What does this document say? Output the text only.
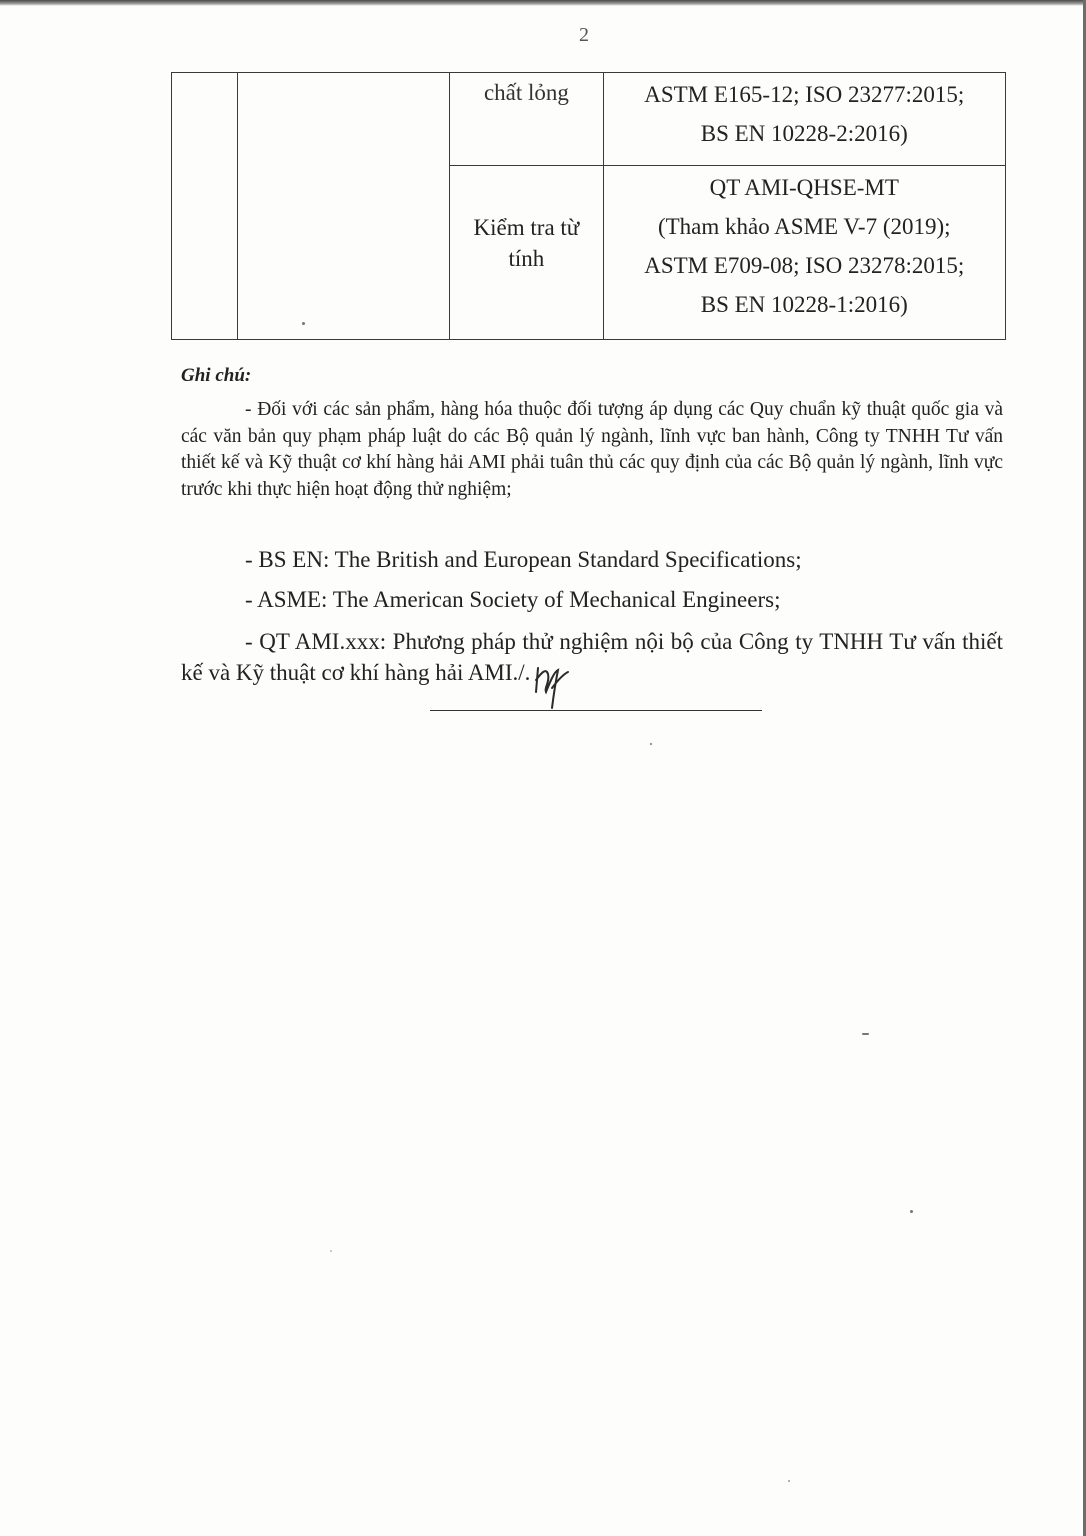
2
		chất lỏng	ASTM E165-12; ISO 23277:2015;
BS EN 10228-2:2016)

		Kiểm tra từ
tính	QT AMI-QHSE-MT
(Tham khảo ASME V-7 (2019);
ASTM E709-08; ISO 23278:2015;
BS EN 10228-1:2016)
Ghi chú:
- Đối với các sản phẩm, hàng hóa thuộc đối tượng áp dụng các Quy chuẩn kỹ thuật quốc gia và các văn bản quy phạm pháp luật do các Bộ quản lý ngành, lĩnh vực ban hành, Công ty TNHH Tư vấn thiết kế và Kỹ thuật cơ khí hàng hải AMI phải tuân thủ các quy định của các Bộ quản lý ngành, lĩnh vực trước khi thực hiện hoạt động thử nghiệm;
- BS EN: The British and European Standard Specifications;
- ASME: The American Society of Mechanical Engineers;
- QT AMI.xxx: Phương pháp thử nghiệm nội bộ của Công ty TNHH Tư vấn thiết kế và Kỹ thuật cơ khí hàng hải AMI./.
